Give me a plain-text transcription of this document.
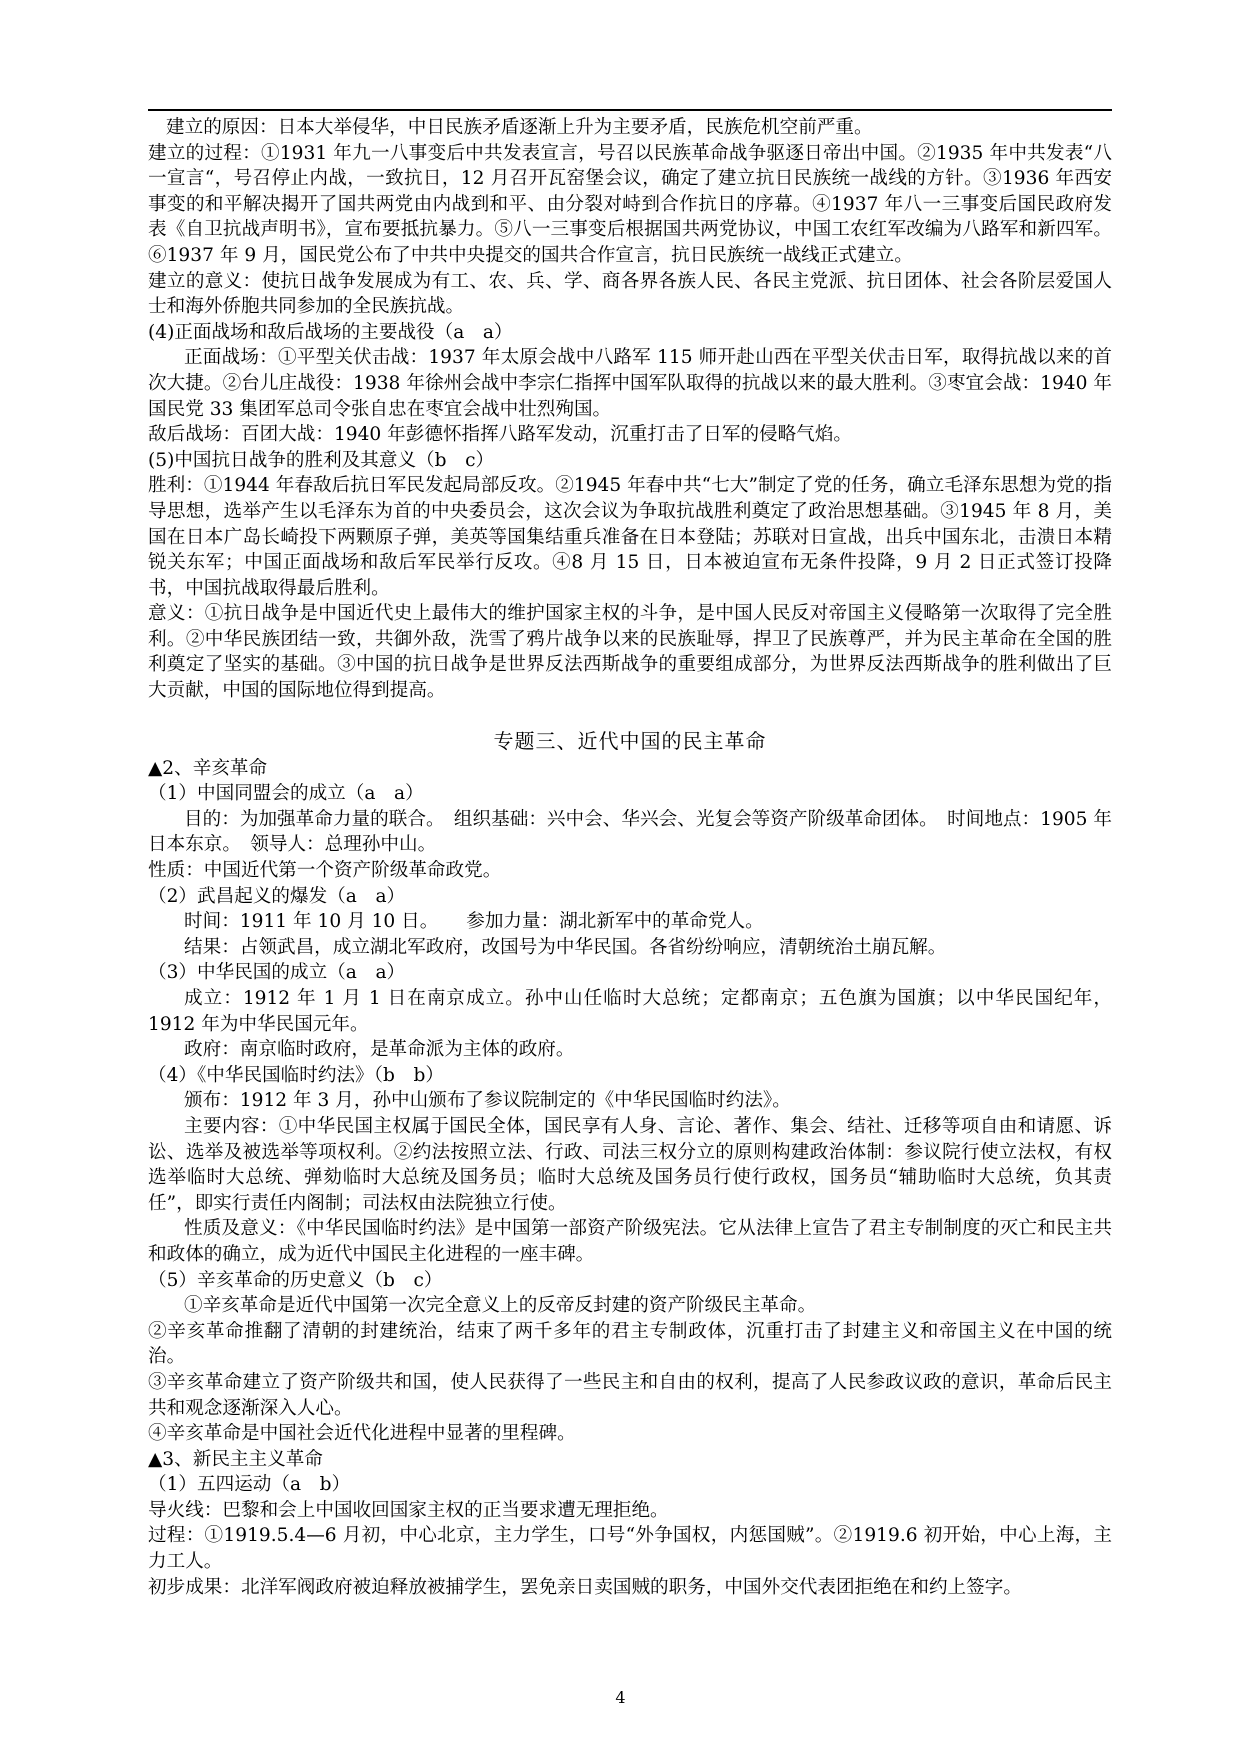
建立的原因：日本大举侵华，中日民族矛盾逐渐上升为主要矛盾，民族危机空前严重。

建立的过程：①1931 年九一八事变后中共发表宣言，号召以民族革命战争驱逐日帝出中国。②1935 年中共发表“八一宣言“，号召停止内战，一致抗日，12 月召开瓦窑堡会议，确定了建立抗日民族统一战线的方针。③1936 年西安事变的和平解决揭开了国共两党由内战到和平、由分裂对峙到合作抗日的序幕。④1937 年八一三事变后国民政府发表《自卫抗战声明书》，宣布要抵抗暴力。⑤八一三事变后根据国共两党协议，中国工农红军改编为八路军和新四军。⑥1937 年 9 月，国民党公布了中共中央提交的国共合作宣言，抗日民族统一战线正式建立。

建立的意义：使抗日战争发展成为有工、农、兵、学、商各界各族人民、各民主党派、抗日团体、社会各阶层爱国人士和海外侨胞共同参加的全民族抗战。

(4)正面战场和敌后战场的主要战役（a　a）

正面战场：①平型关伏击战：1937 年太原会战中八路军 115 师开赴山西在平型关伏击日军，取得抗战以来的首次大捷。②台儿庄战役：1938 年徐州会战中李宗仁指挥中国军队取得的抗战以来的最大胜利。③枣宜会战：1940 年国民党 33 集团军总司令张自忠在枣宜会战中壮烈殉国。

敌后战场：百团大战：1940 年彭德怀指挥八路军发动，沉重打击了日军的侵略气焰。

(5)中国抗日战争的胜利及其意义（b　c）

胜利：①1944 年春敌后抗日军民发起局部反攻。②1945 年春中共“七大”制定了党的任务，确立毛泽东思想为党的指导思想，选举产生以毛泽东为首的中央委员会，这次会议为争取抗战胜利奠定了政治思想基础。③1945 年 8 月，美国在日本广岛长崎投下两颗原子弹，美英等国集结重兵准备在日本登陆；苏联对日宣战，出兵中国东北，击溃日本精锐关东军；中国正面战场和敌后军民举行反攻。④8 月 15 日，日本被迫宣布无条件投降，9 月 2 日正式签订投降书，中国抗战取得最后胜利。

意义：①抗日战争是中国近代史上最伟大的维护国家主权的斗争，是中国人民反对帝国主义侵略第一次取得了完全胜利。②中华民族团结一致，共御外敌，洗雪了鸦片战争以来的民族耻辱，捍卫了民族尊严，并为民主革命在全国的胜利奠定了坚实的基础。③中国的抗日战争是世界反法西斯战争的重要组成部分，为世界反法西斯战争的胜利做出了巨大贡献，中国的国际地位得到提高。

专题三、近代中国的民主革命

▲2、辛亥革命

（1）中国同盟会的成立（a　a）

目的：为加强革命力量的联合。　组织基础：兴中会、华兴会、光复会等资产阶级革命团体。　时间地点：1905 年日本东京。　领导人：总理孙中山。

性质：中国近代第一个资产阶级革命政党。

（2）武昌起义的爆发（a　a）

时间：1911 年 10 月 10 日。　　参加力量：湖北新军中的革命党人。

结果：占领武昌，成立湖北军政府，改国号为中华民国。各省纷纷响应，清朝统治土崩瓦解。

（3）中华民国的成立（a　a）

成立：1912 年 1 月 1 日在南京成立。孙中山任临时大总统；定都南京；五色旗为国旗；以中华民国纪年，1912 年为中华民国元年。

政府：南京临时政府，是革命派为主体的政府。

（4）《中华民国临时约法》（b　b）

颁布：1912 年 3 月，孙中山颁布了参议院制定的《中华民国临时约法》。

主要内容：①中华民国主权属于国民全体，国民享有人身、言论、著作、集会、结社、迁移等项自由和请愿、诉讼、选举及被选举等项权利。②约法按照立法、行政、司法三权分立的原则构建政治体制：参议院行使立法权，有权选举临时大总统、弹劾临时大总统及国务员；临时大总统及国务员行使行政权，国务员“辅助临时大总统，负其责任”，即实行责任内阁制；司法权由法院独立行使。

性质及意义：《中华民国临时约法》是中国第一部资产阶级宪法。它从法律上宣告了君主专制制度的灭亡和民主共和政体的确立，成为近代中国民主化进程的一座丰碑。

（5）辛亥革命的历史意义（b　c）

①辛亥革命是近代中国第一次完全意义上的反帝反封建的资产阶级民主革命。

②辛亥革命推翻了清朝的封建统治，结束了两千多年的君主专制政体，沉重打击了封建主义和帝国主义在中国的统治。

③辛亥革命建立了资产阶级共和国，使人民获得了一些民主和自由的权利，提高了人民参政议政的意识，革命后民主共和观念逐渐深入人心。

④辛亥革命是中国社会近代化进程中显著的里程碑。

▲3、新民主主义革命

（1）五四运动（a　b）

导火线：巴黎和会上中国收回国家主权的正当要求遭无理拒绝。

过程：①1919.5.4—6 月初，中心北京，主力学生，口号“外争国权，内惩国贼”。②1919.6 初开始，中心上海，主力工人。

初步成果：北洋军阀政府被迫释放被捕学生，罢免亲日卖国贼的职务，中国外交代表团拒绝在和约上签字。

4
